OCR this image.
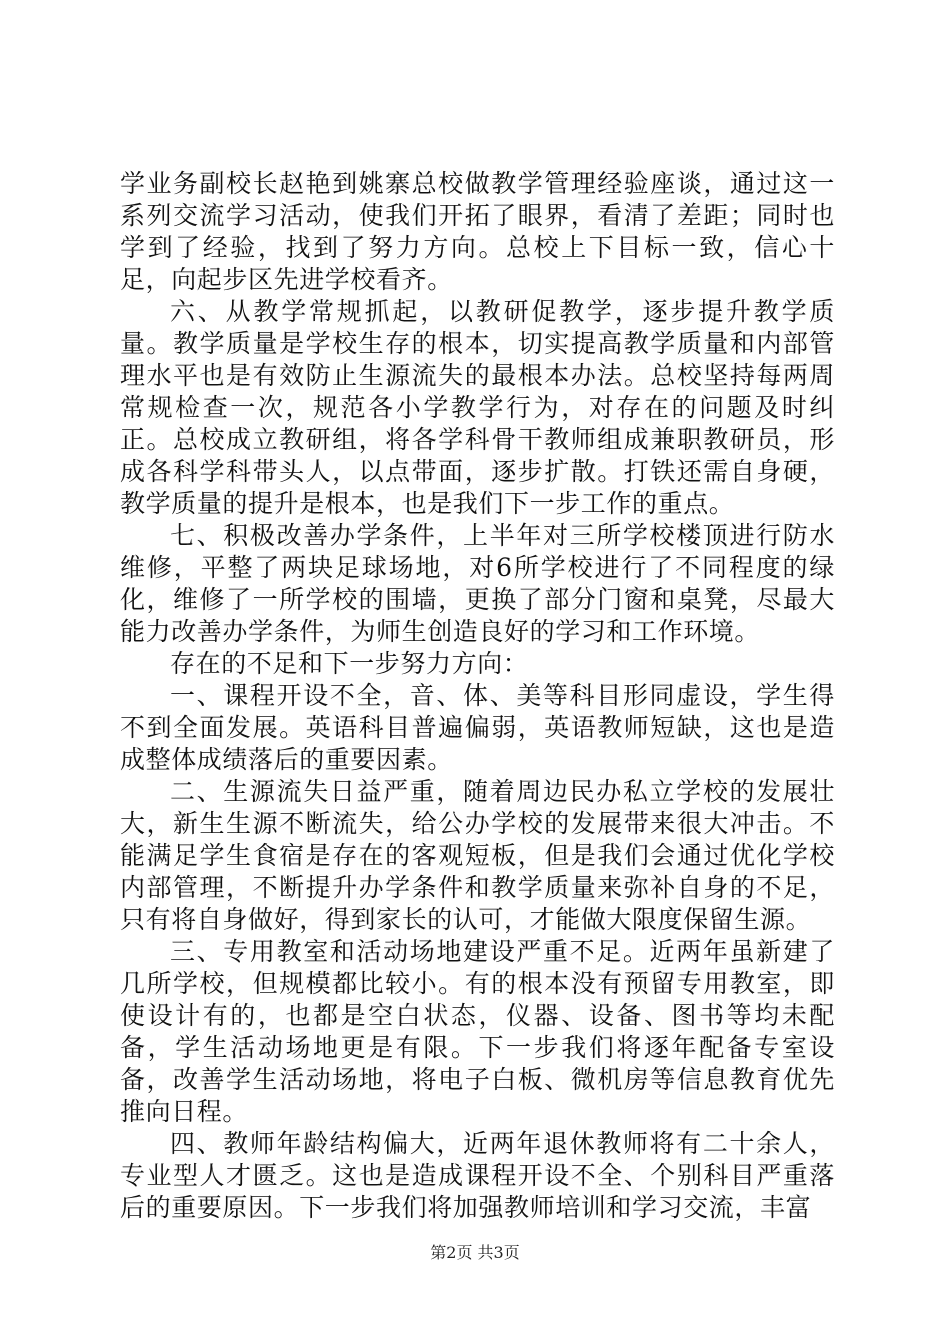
学业务副校长赵艳到姚寨总校做教学管理经验座谈，通过这一系列交流学习活动，使我们开拓了眼界，看清了差距；同时也学到了经验，找到了努力方向。总校上下目标一致，信心十足，向起步区先进学校看齐。

六、从教学常规抓起，以教研促教学，逐步提升教学质量。教学质量是学校生存的根本，切实提高教学质量和内部管理水平也是有效防止生源流失的最根本办法。总校坚持每两周常规检查一次，规范各小学教学行为，对存在的问题及时纠正。总校成立教研组，将各学科骨干教师组成兼职教研员，形成各科学科带头人，以点带面，逐步扩散。打铁还需自身硬，教学质量的提升是根本，也是我们下一步工作的重点。

七、积极改善办学条件，上半年对三所学校楼顶进行防水维修，平整了两块足球场地，对6所学校进行了不同程度的绿化，维修了一所学校的围墙，更换了部分门窗和桌凳，尽最大能力改善办学条件，为师生创造良好的学习和工作环境。

存在的不足和下一步努力方向：

一、课程开设不全，音、体、美等科目形同虚设，学生得不到全面发展。英语科目普遍偏弱，英语教师短缺，这也是造成整体成绩落后的重要因素。

二、生源流失日益严重，随着周边民办私立学校的发展壮大，新生生源不断流失，给公办学校的发展带来很大冲击。不能满足学生食宿是存在的客观短板，但是我们会通过优化学校内部管理，不断提升办学条件和教学质量来弥补自身的不足，只有将自身做好，得到家长的认可，才能做大限度保留生源。

三、专用教室和活动场地建设严重不足。近两年虽新建了几所学校，但规模都比较小。有的根本没有预留专用教室，即使设计有的，也都是空白状态，仪器、设备、图书等均未配备，学生活动场地更是有限。下一步我们将逐年配备专室设备，改善学生活动场地，将电子白板、微机房等信息教育优先推向日程。

四、教师年龄结构偏大，近两年退休教师将有二十余人，专业型人才匮乏。这也是造成课程开设不全、个别科目严重落后的重要原因。下一步我们将加强教师培训和学习交流，丰富

第2页 共3页
